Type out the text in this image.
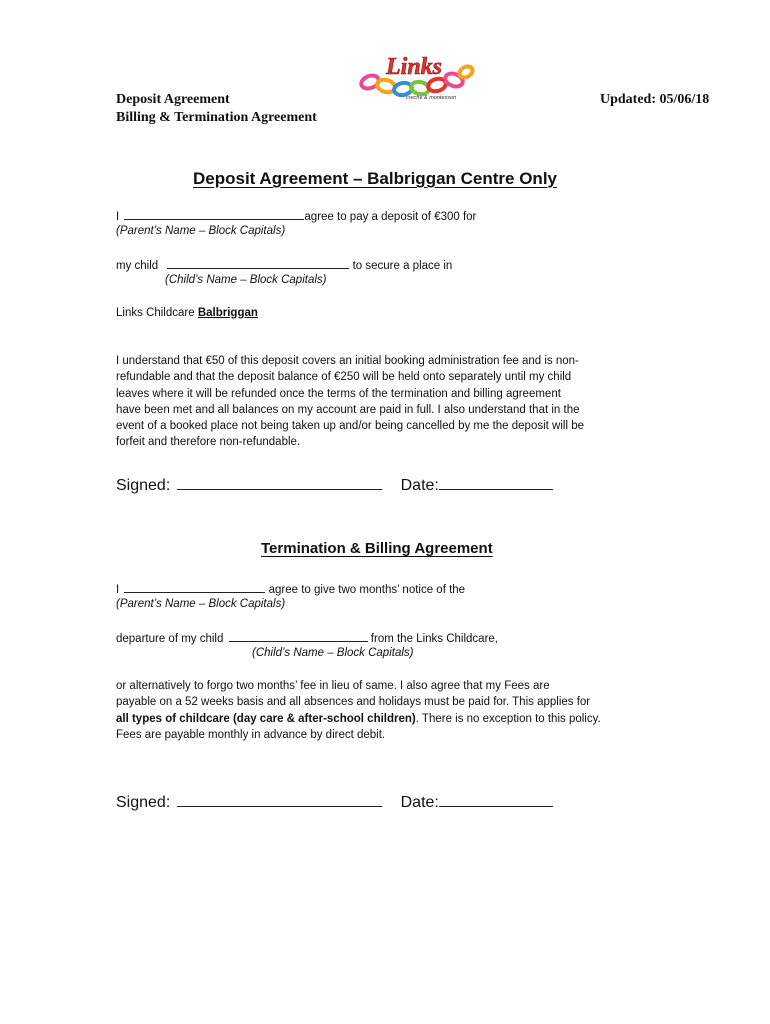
Deposit Agreement
Billing & Termination Agreement
Updated: 05/06/18
Links
creche & montessori
Deposit Agreement – Balbriggan Centre Only
I	agree to pay a deposit of €300 for
(Parent’s Name – Block Capitals)
my child	to secure a place in
(Child’s Name – Block Capitals)
Links Childcare Balbriggan
I understand that €50 of this deposit covers an initial booking administration fee and is non-
refundable and that the deposit balance of €250 will be held onto separately until my child
leaves where it will be refunded once the terms of the termination and billing agreement
have been met and all balances on my account are paid in full. I also understand that in the
event of a booked place not being taken up and/or being cancelled by me the deposit will be
forfeit and therefore non-refundable.
Signed:	Date:
Termination & Billing Agreement
I	agree to give two months’ notice of the
(Parent’s Name – Block Capitals)
departure of my child	from the Links Childcare,
(Child’s Name – Block Capitals)
or alternatively to forgo two months’ fee in lieu of same. I also agree that my Fees are
payable on a 52 weeks basis and all absences and holidays must be paid for. This applies for
all types of childcare (day care & after-school children). There is no exception to this policy.
Fees are payable monthly in advance by direct debit.
Signed:	Date:
